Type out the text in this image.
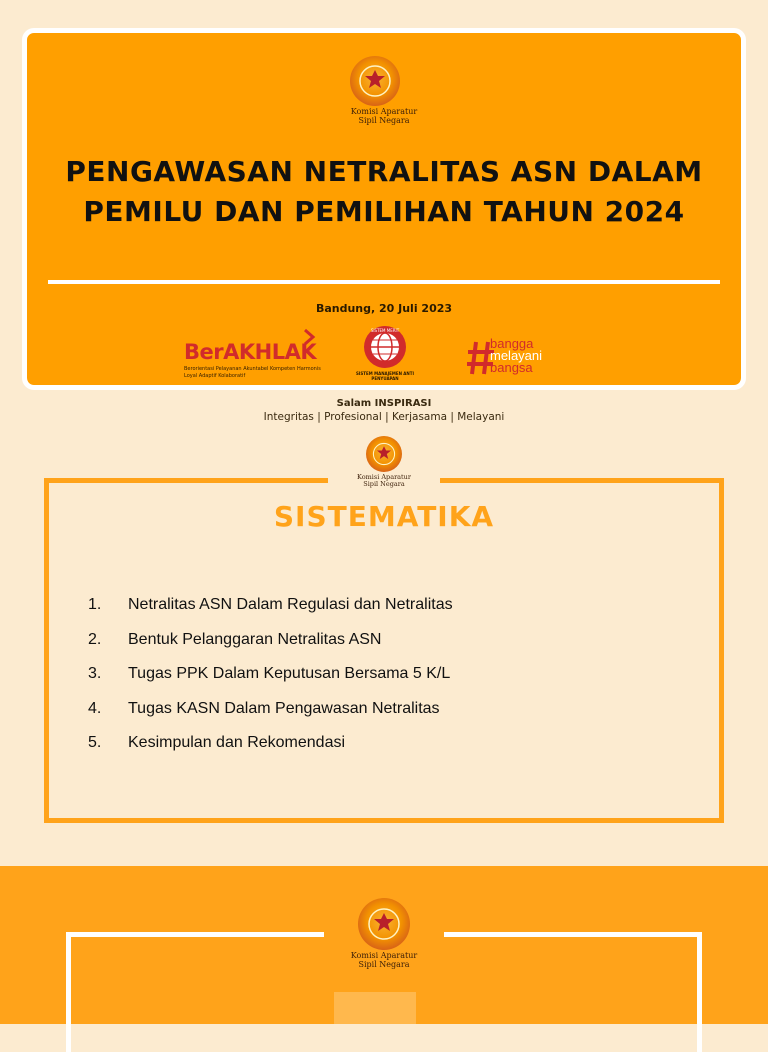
Komisi Aparatur
Sipil Negara
PENGAWASAN NETRALITAS ASN DALAM PEMILU DAN PEMILIHAN TAHUN 2024
Bandung, 20 Juli 2023
BerAKHLAK
Berorientasi Pelayanan Akuntabel Kompeten Harmonis Loyal Adaptif Kolaboratif
SISTEM MERIT
SISTEM MANAJEMEN ANTI PENYUAPAN
bangga
melayani
bangsa
Salam INSPIRASI
Integritas | Profesional | Kerjasama | Melayani
Komisi Aparatur
Sipil Negara
SISTEMATIKA
1.	Netralitas ASN Dalam Regulasi dan Netralitas
2.	Bentuk Pelanggaran Netralitas ASN
3.	Tugas PPK Dalam Keputusan Bersama 5 K/L
4.	Tugas KASN Dalam Pengawasan Netralitas
5.	Kesimpulan dan Rekomendasi
Komisi Aparatur
Sipil Negara
